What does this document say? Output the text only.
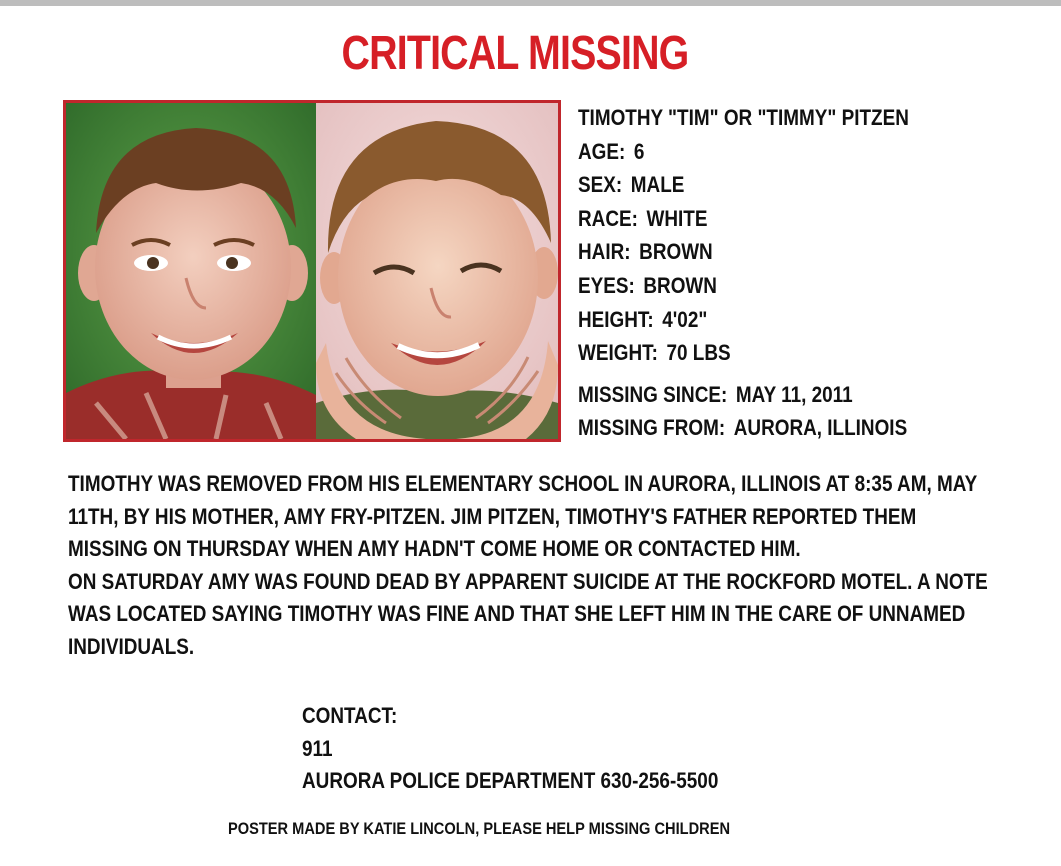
CRITICAL MISSING
TIMOTHY "TIM" OR "TIMMY" PITZEN
AGE: 6
SEX: MALE
RACE: WHITE
HAIR: BROWN
EYES: BROWN
HEIGHT: 4'02"
WEIGHT: 70 LBS
MISSING SINCE: MAY 11, 2011
MISSING FROM: AURORA, ILLINOIS

TIMOTHY WAS REMOVED FROM HIS ELEMENTARY SCHOOL IN AURORA, ILLINOIS AT 8:35 AM, MAY 11TH, BY HIS MOTHER, AMY FRY-PITZEN. JIM PITZEN, TIMOTHY'S FATHER REPORTED THEM MISSING ON THURSDAY WHEN AMY HADN'T COME HOME OR CONTACTED HIM.

ON SATURDAY AMY WAS FOUND DEAD BY APPARENT SUICIDE AT THE ROCKFORD MOTEL. A NOTE WAS LOCATED SAYING TIMOTHY WAS FINE AND THAT SHE LEFT HIM IN THE CARE OF UNNAMED INDIVIDUALS.

CONTACT:
911
AURORA POLICE DEPARTMENT 630-256-5500
POSTER MADE BY KATIE LINCOLN, PLEASE HELP MISSING CHILDREN
